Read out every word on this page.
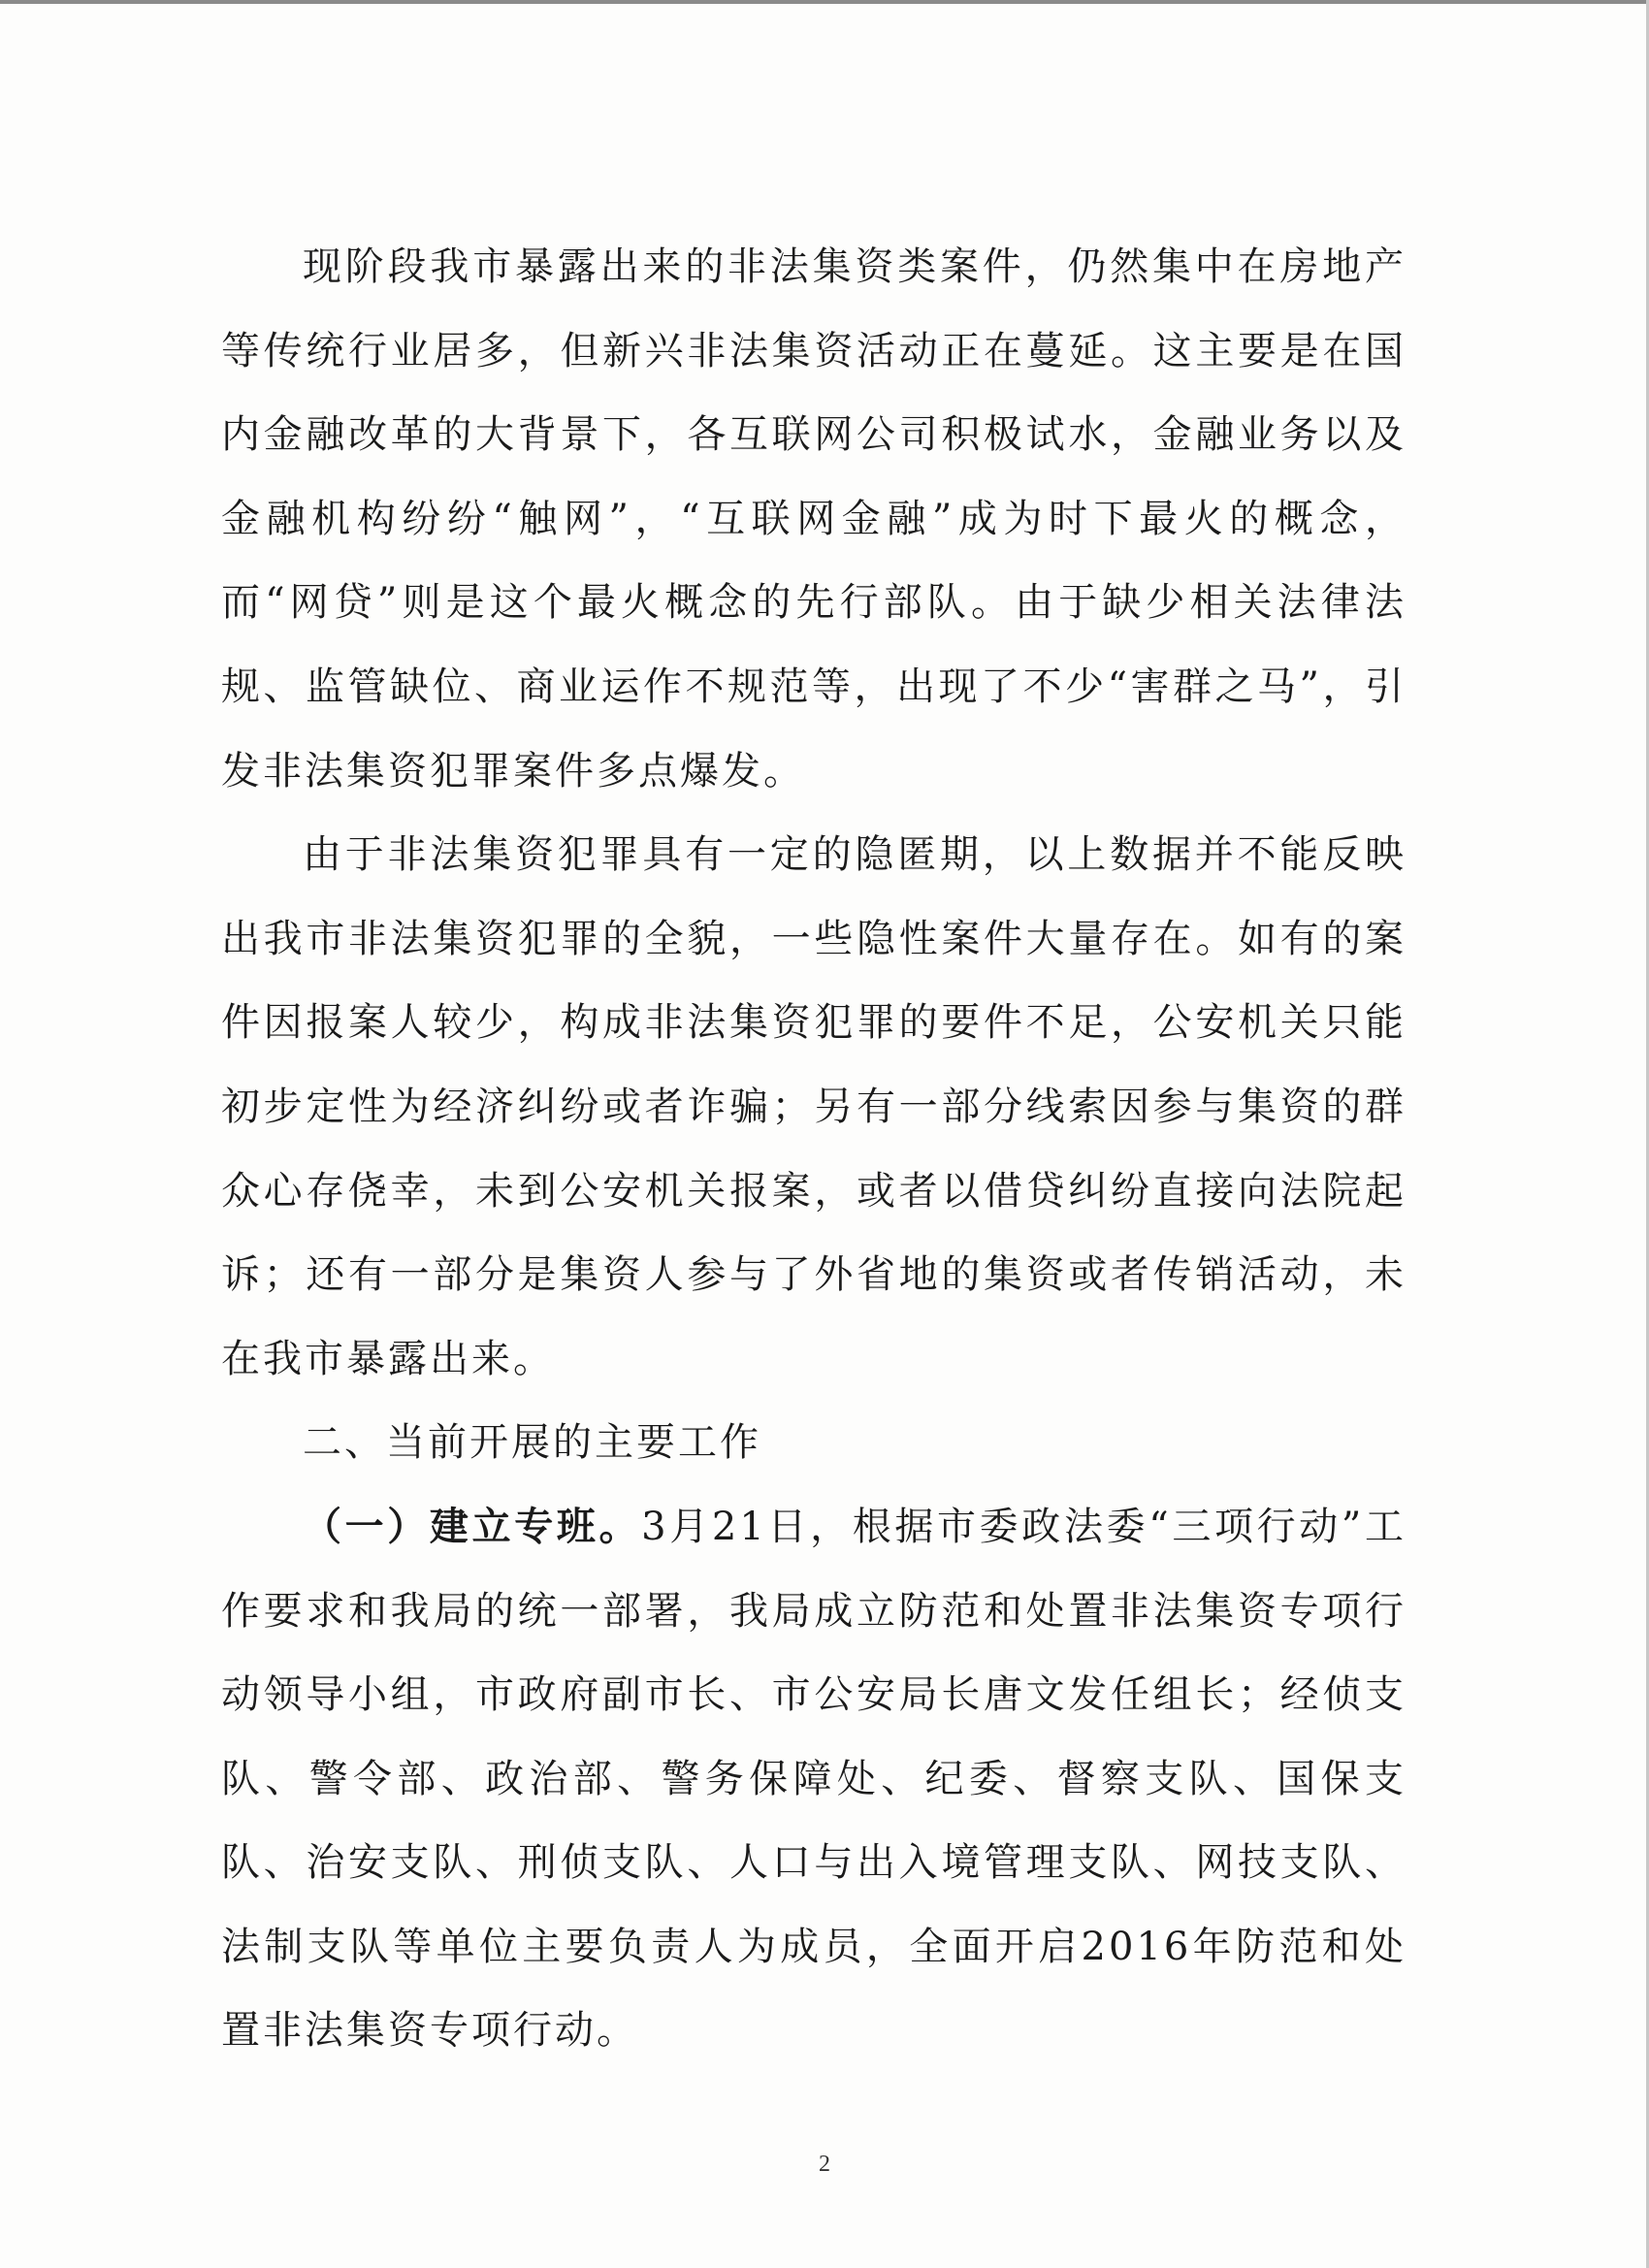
现阶段我市暴露出来的非法集资类案件，仍然集中在房地产等传统行业居多，但新兴非法集资活动正在蔓延。这主要是在国内金融改革的大背景下，各互联网公司积极试水，金融业务以及金融机构纷纷“触网”，“互联网金融”成为时下最火的概念，而“网贷”则是这个最火概念的先行部队。由于缺少相关法律法规、监管缺位、商业运作不规范等，出现了不少“害群之马”，引发非法集资犯罪案件多点爆发。

由于非法集资犯罪具有一定的隐匿期，以上数据并不能反映出我市非法集资犯罪的全貌，一些隐性案件大量存在。如有的案件因报案人较少，构成非法集资犯罪的要件不足，公安机关只能初步定性为经济纠纷或者诈骗；另有一部分线索因参与集资的群众心存侥幸，未到公安机关报案，或者以借贷纠纷直接向法院起诉；还有一部分是集资人参与了外省地的集资或者传销活动，未在我市暴露出来。

二、当前开展的主要工作

（一）建立专班。3月21日，根据市委政法委“三项行动”工作要求和我局的统一部署，我局成立防范和处置非法集资专项行动领导小组，市政府副市长、市公安局长唐文发任组长；经侦支队、警令部、政治部、警务保障处、纪委、督察支队、国保支队、治安支队、刑侦支队、人口与出入境管理支队、网技支队、法制支队等单位主要负责人为成员，全面开启2016年防范和处置非法集资专项行动。

2
